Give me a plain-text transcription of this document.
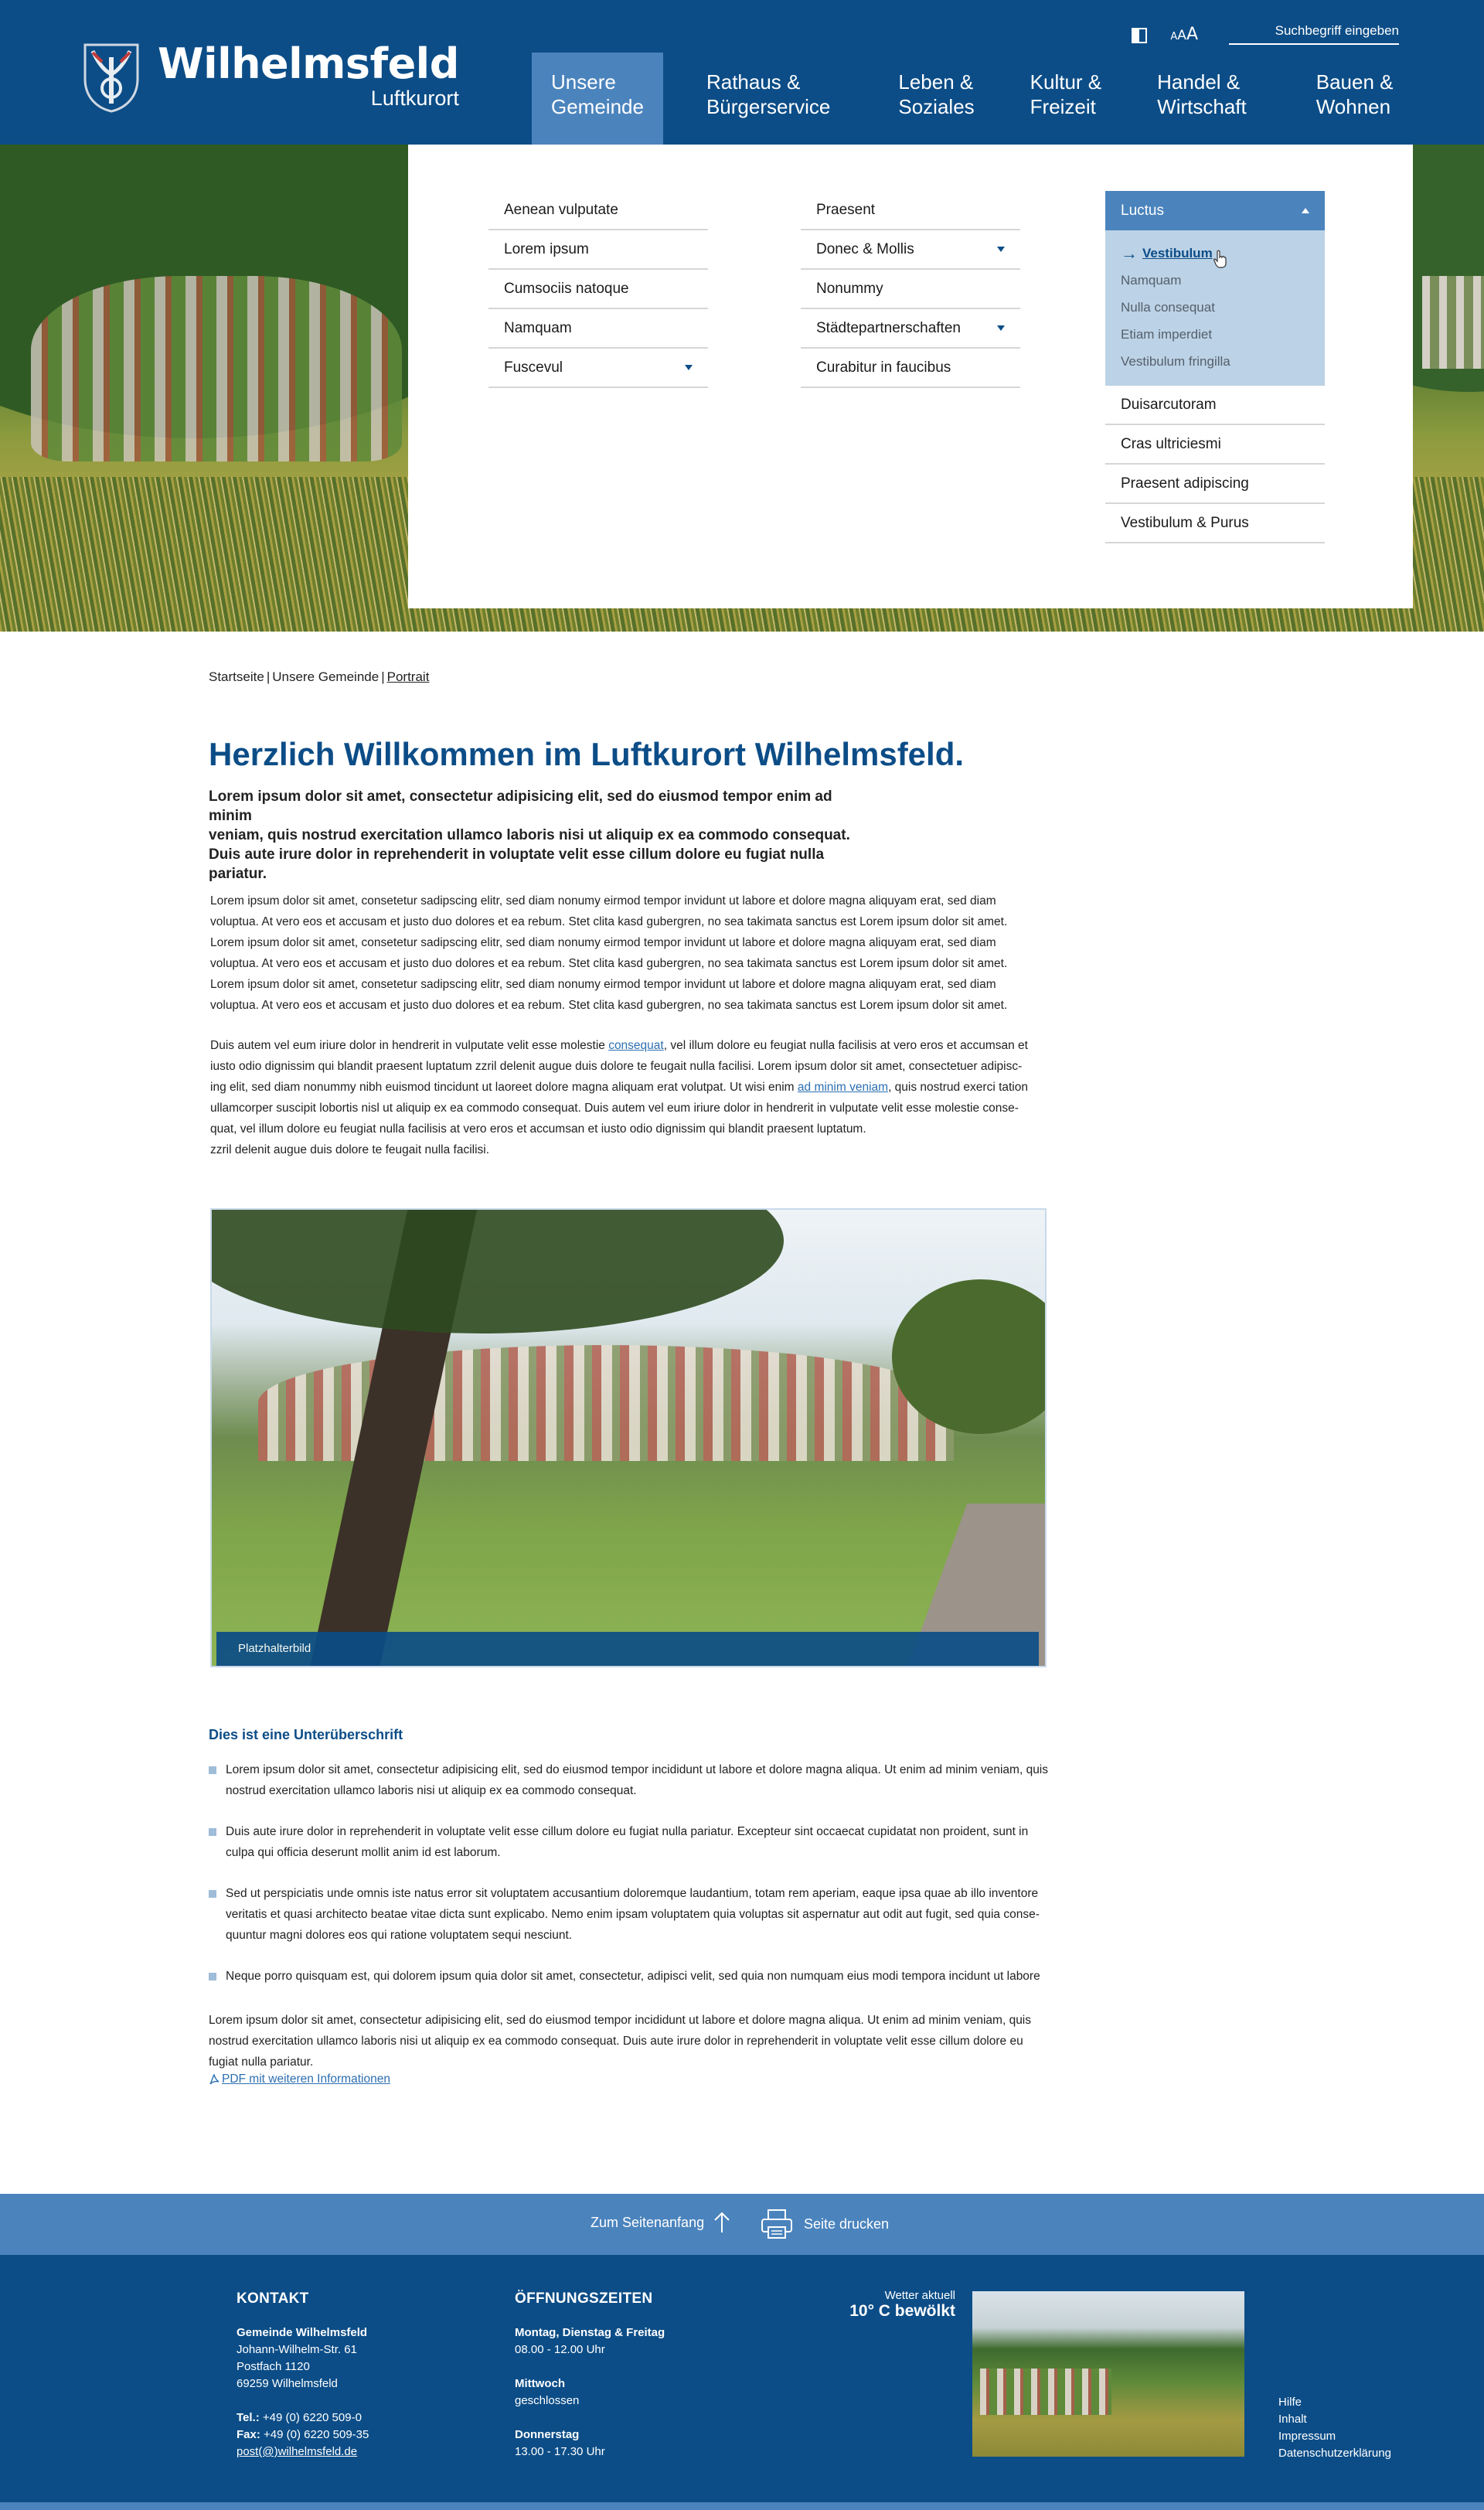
Wilhelmsfeld
Luftkurort
AAA
Suchbegriff eingeben
Unsere
Gemeinde
Rathaus &
Bürgerservice
Leben &
Soziales
Kultur &
Freizeit
Handel &
Wirtschaft
Bauen &
Wohnen
Aenean vulputate
Lorem ipsum
Cumsociis natoque
Namquam
Fuscevul
Praesent
Donec & Mollis
Nonummy
Städtepartnerschaften
Curabitur in faucibus
Luctus
→ Vestibulum
Namquam
Nulla consequat
Etiam imperdiet
Vestibulum fringilla
Duisarcutoram
Cras ultriciesmi
Praesent adipiscing
Vestibulum & Purus
Startseite | Unsere Gemeinde | Portrait
Herzlich Willkommen im Luftkurort Wilhelmsfeld.
Lorem ipsum dolor sit amet, consectetur adipisicing elit, sed do eiusmod tempor enim ad minim
veniam, quis nostrud exercitation ullamco laboris nisi ut aliquip ex ea commodo consequat.
Duis aute irure dolor in reprehenderit in voluptate velit esse cillum dolore eu fugiat nulla pariatur.
Lorem ipsum dolor sit amet, consetetur sadipscing elitr, sed diam nonumy eirmod tempor invidunt ut labore et dolore magna aliquyam erat, sed diam
voluptua. At vero eos et accusam et justo duo dolores et ea rebum. Stet clita kasd gubergren, no sea takimata sanctus est Lorem ipsum dolor sit amet.
Lorem ipsum dolor sit amet, consetetur sadipscing elitr, sed diam nonumy eirmod tempor invidunt ut labore et dolore magna aliquyam erat, sed diam
voluptua. At vero eos et accusam et justo duo dolores et ea rebum. Stet clita kasd gubergren, no sea takimata sanctus est Lorem ipsum dolor sit amet.
Lorem ipsum dolor sit amet, consetetur sadipscing elitr, sed diam nonumy eirmod tempor invidunt ut labore et dolore magna aliquyam erat, sed diam
voluptua. At vero eos et accusam et justo duo dolores et ea rebum. Stet clita kasd gubergren, no sea takimata sanctus est Lorem ipsum dolor sit amet.
Duis autem vel eum iriure dolor in hendrerit in vulputate velit esse molestie consequat, vel illum dolore eu feugiat nulla facilisis at vero eros et accumsan et
iusto odio dignissim qui blandit praesent luptatum zzril delenit augue duis dolore te feugait nulla facilisi. Lorem ipsum dolor sit amet, consectetuer adipisc-
ing elit, sed diam nonummy nibh euismod tincidunt ut laoreet dolore magna aliquam erat volutpat. Ut wisi enim ad minim veniam, quis nostrud exerci tation
ullamcorper suscipit lobortis nisl ut aliquip ex ea commodo consequat. Duis autem vel eum iriure dolor in hendrerit in vulputate velit esse molestie conse-
quat, vel illum dolore eu feugiat nulla facilisis at vero eros et accumsan et iusto odio dignissim qui blandit praesent luptatum.
zzril delenit augue duis dolore te feugait nulla facilisi.
Platzhalterbild
Dies ist eine Unterüberschrift
Lorem ipsum dolor sit amet, consectetur adipisicing elit, sed do eiusmod tempor incididunt ut labore et dolore magna aliqua. Ut enim ad minim veniam, quis
nostrud exercitation ullamco laboris nisi ut aliquip ex ea commodo consequat.
Duis aute irure dolor in reprehenderit in voluptate velit esse cillum dolore eu fugiat nulla pariatur. Excepteur sint occaecat cupidatat non proident, sunt in
culpa qui officia deserunt mollit anim id est laborum.
Sed ut perspiciatis unde omnis iste natus error sit voluptatem accusantium doloremque laudantium, totam rem aperiam, eaque ipsa quae ab illo inventore
veritatis et quasi architecto beatae vitae dicta sunt explicabo. Nemo enim ipsam voluptatem quia voluptas sit aspernatur aut odit aut fugit, sed quia conse-
quuntur magni dolores eos qui ratione voluptatem sequi nesciunt.
Neque porro quisquam est, qui dolorem ipsum quia dolor sit amet, consectetur, adipisci velit, sed quia non numquam eius modi tempora incidunt ut labore
Lorem ipsum dolor sit amet, consectetur adipisicing elit, sed do eiusmod tempor incididunt ut labore et dolore magna aliqua. Ut enim ad minim veniam, quis
nostrud exercitation ullamco laboris nisi ut aliquip ex ea commodo consequat. Duis aute irure dolor in reprehenderit in voluptate velit esse cillum dolore eu
fugiat nulla pariatur.
PDF mit weiteren Informationen
Zum Seitenanfang	Seite drucken
KONTAKT
Gemeinde Wilhelmsfeld
Johann-Wilhelm-Str. 61
Postfach 1120
69259 Wilhelmsfeld
Tel.: +49 (0) 6220 509-0
Fax: +49 (0) 6220 509-35
post(@)wilhelmsfeld.de
ÖFFNUNGSZEITEN
Montag, Dienstag & Freitag
08.00 - 12.00 Uhr
Mittwoch
geschlossen
Donnerstag
13.00 - 17.30 Uhr
Wetter aktuell
10° C bewölkt
Hilfe
Inhalt
Impressum
Datenschutzerklärung
